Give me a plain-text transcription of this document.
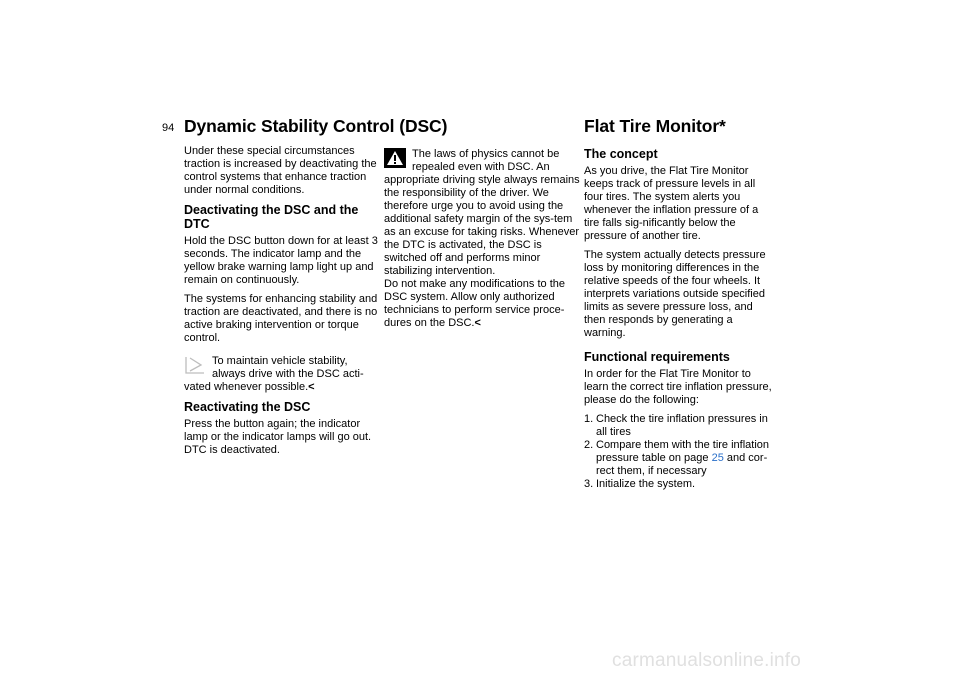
94 Dynamic Stability Control (DSC)	Flat Tire Monitor*

Under these special circumstances traction is increased by deactivating the control systems that enhance traction under normal conditions.

Deactivating the DSC and the DTC

Hold the DSC button down for at least 3 seconds. The indicator lamp and the yellow brake warning lamp light up and remain on continuously.

The systems for enhancing stability and traction are deactivated, and there is no active braking intervention or torque control.

To maintain vehicle stability,
always drive with the DSC acti-
vated whenever possible.<
Reactivating the DSC

Press the button again; the indicator lamp or the indicator lamps will go out. DTC is deactivated.

The laws of physics cannot be
repealed even with DSC. An
appropriate driving style always remains the responsibility of the driver. We therefore urge you to avoid using the additional safety margin of the sys-tem as an excuse for taking risks. Whenever the DTC is activated, the DSC is switched off and performs minor stabilizing intervention.
Do not make any modifications to the DSC system. Allow only authorized technicians to perform service proce-dures on the DSC.<
The concept

As you drive, the Flat Tire Monitor keeps track of pressure levels in all four tires. The system alerts you whenever the inflation pressure of a tire falls sig-nificantly below the pressure of another tire.

The system actually detects pressure loss by monitoring differences in the relative speeds of the four wheels. It interprets variations outside specified limits as severe pressure loss, and then responds by generating a warning.

Functional requirements

In order for the Flat Tire Monitor to learn the correct tire inflation pressure, please do the following:

1. Check the tire inflation pressures in all tires
2. Compare them with the tire inflation pressure table on page 25 and cor-rect them, if necessary
3. Initialize the system.
carmanualsonline.info
